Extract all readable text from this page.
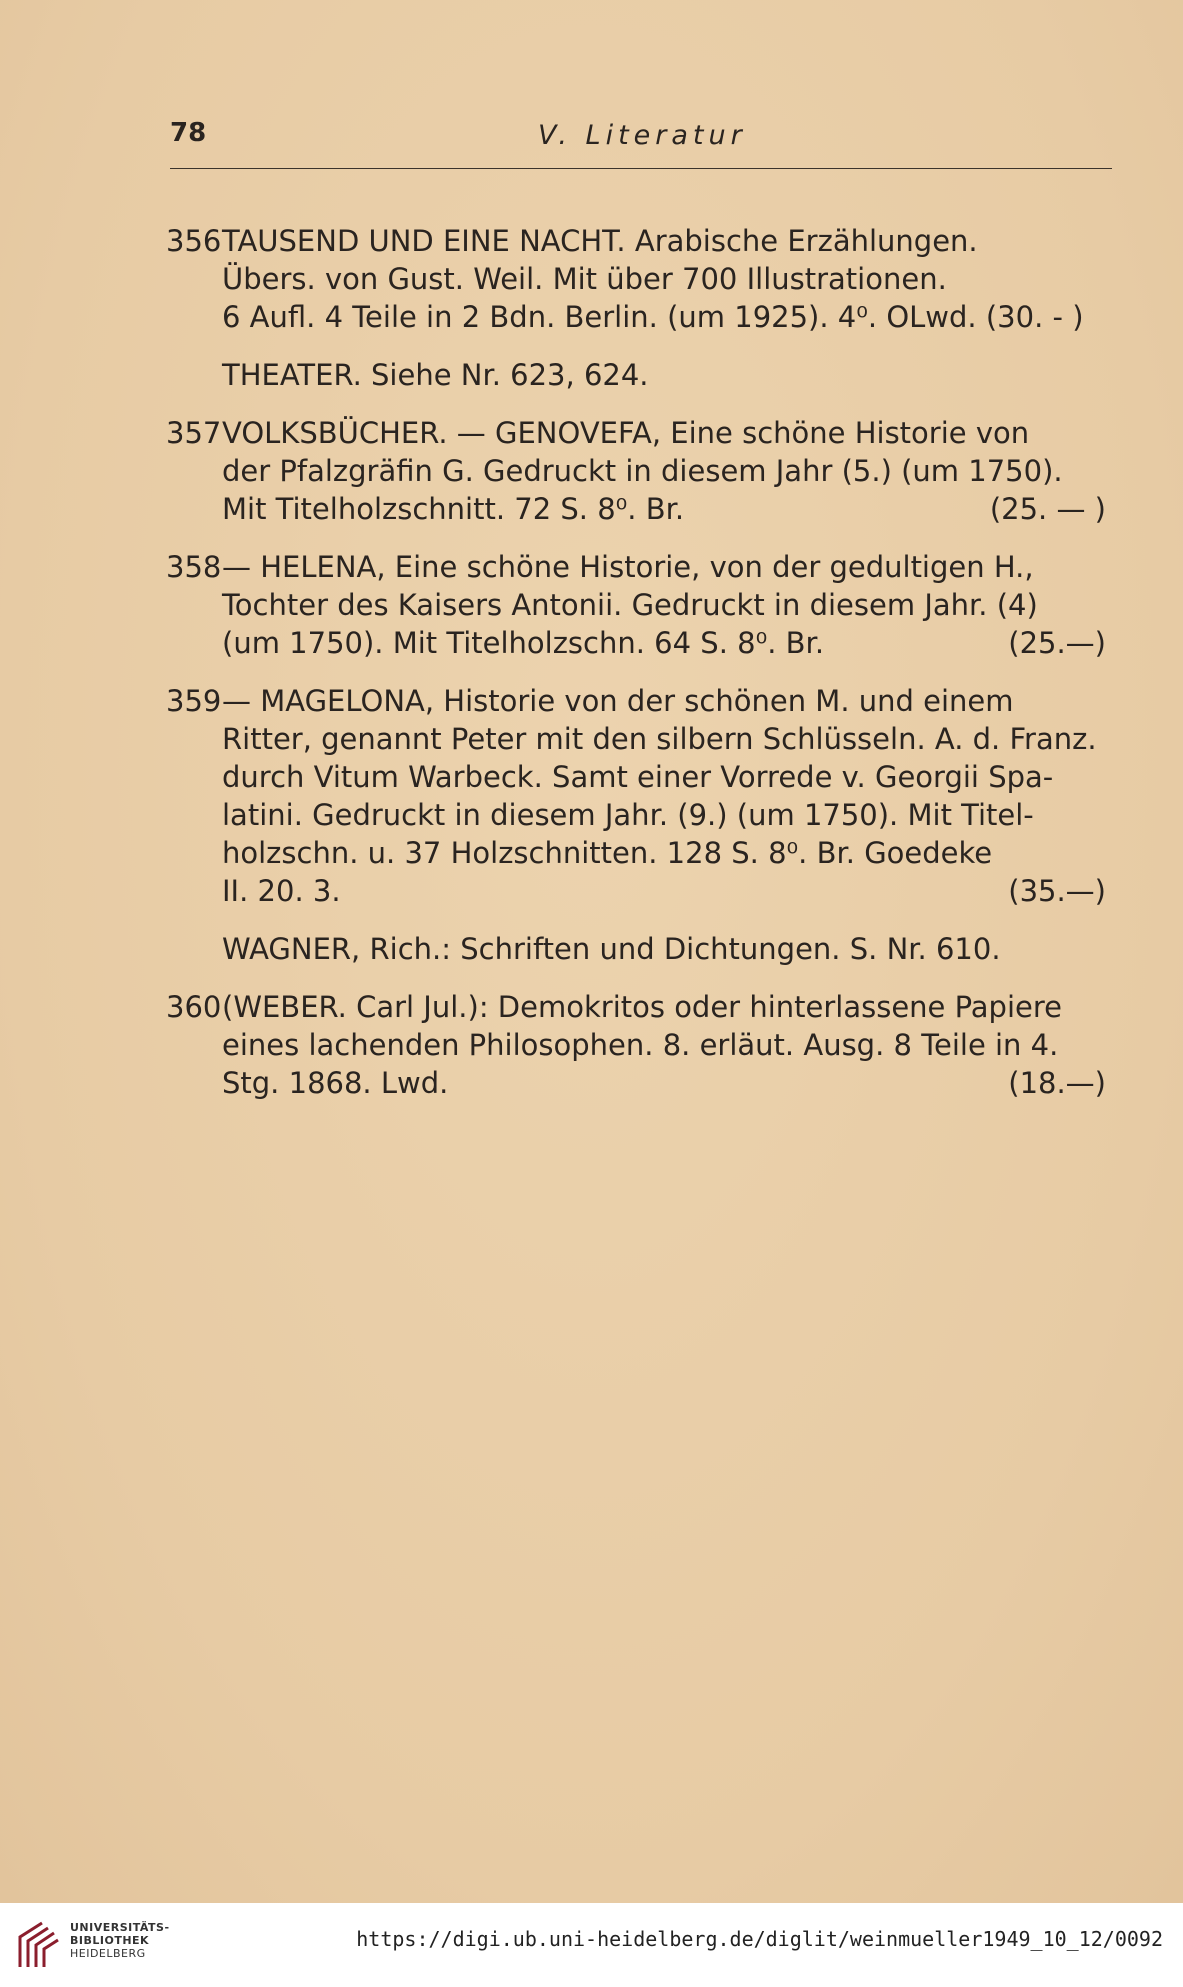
78	V. Literatur
356 TAUSEND UND EINE NACHT. Arabische Erzählungen.
Übers. von Gust. Weil. Mit über 700 Illustrationen.
6 Aufl. 4 Teile in 2 Bdn. Berlin. (um 1925). 4⁰. OLwd. (30. - )
THEATER. Siehe Nr. 623, 624.
357 VOLKSBÜCHER. — GENOVEFA, Eine schöne Historie von
der Pfalzgräfin G. Gedruckt in diesem Jahr (5.) (um 1750).
Mit Titelholzschnitt. 72 S. 8⁰. Br.	(25. — )
358 — HELENA, Eine schöne Historie, von der gedultigen H.,
Tochter des Kaisers Antonii. Gedruckt in diesem Jahr. (4)
(um 1750). Mit Titelholzschn. 64 S. 8⁰. Br.	(25.—)
359 — MAGELONA, Historie von der schönen M. und einem
Ritter, genannt Peter mit den silbern Schlüsseln. A. d. Franz.
durch Vitum Warbeck. Samt einer Vorrede v. Georgii Spa-
latini. Gedruckt in diesem Jahr. (9.) (um 1750). Mit Titel-
holzschn. u. 37 Holzschnitten. 128 S. 8⁰. Br. Goedeke
II. 20. 3.	(35.—)
WAGNER, Rich.: Schriften und Dichtungen. S. Nr. 610.
360 (WEBER. Carl Jul.): Demokritos oder hinterlassene Papiere
eines lachenden Philosophen. 8. erläut. Ausg. 8 Teile in 4.
Stg. 1868. Lwd.	(18.—)
UNIVERSITÄTS-
BIBLIOTHEK
HEIDELBERG
https://digi.ub.uni-heidelberg.de/diglit/weinmueller1949_10_12/0092
